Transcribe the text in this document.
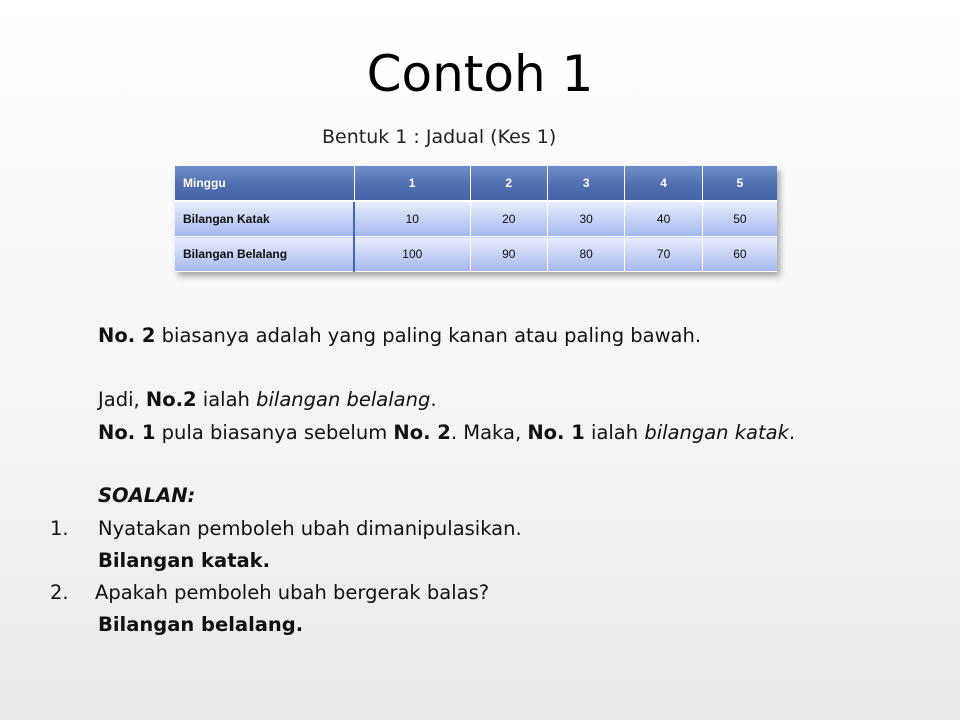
Contoh 1
Bentuk 1 : Jadual (Kes 1)
Minggu	1	2	3	4	5
Bilangan Katak	10	20	30	40	50
Bilangan Belalang	100	90	80	70	60
No. 2 biasanya adalah yang paling kanan atau paling bawah.
Jadi, No.2 ialah bilangan belalang.
No. 1 pula biasanya sebelum No. 2. Maka, No. 1 ialah bilangan katak.
SOALAN:
1. Nyatakan pemboleh ubah dimanipulasikan.
Bilangan katak.
2. Apakah pemboleh ubah bergerak balas?
Bilangan belalang.
